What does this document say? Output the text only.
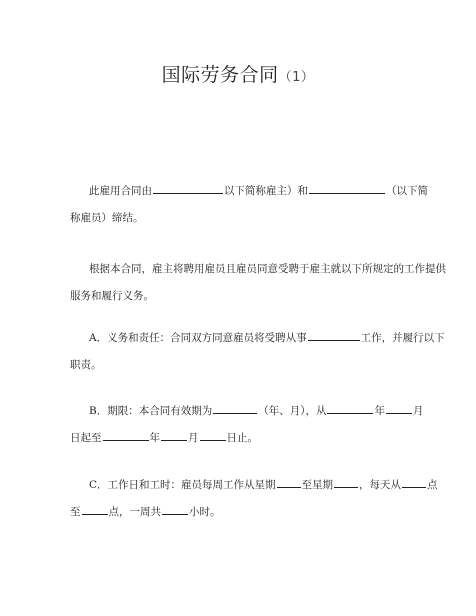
国际劳务合同（1）
此雇用合同由	以下简称雇主）和	（以下简
称雇员）缔结。
根据本合同，雇主将聘用雇员且雇员同意受聘于雇主就以下所规定的工作提供
服务和履行义务。
A．义务和责任：合同双方同意雇员将受聘从事	工作，并履行以下
职责。
B．期限：本合同有效期为	（年、月），从	年	月
日起至	年	月	日止。
C．工作日和工时：雇员每周工作从星期 至星期 ，每天从 点
至	点，一周共	小时。
